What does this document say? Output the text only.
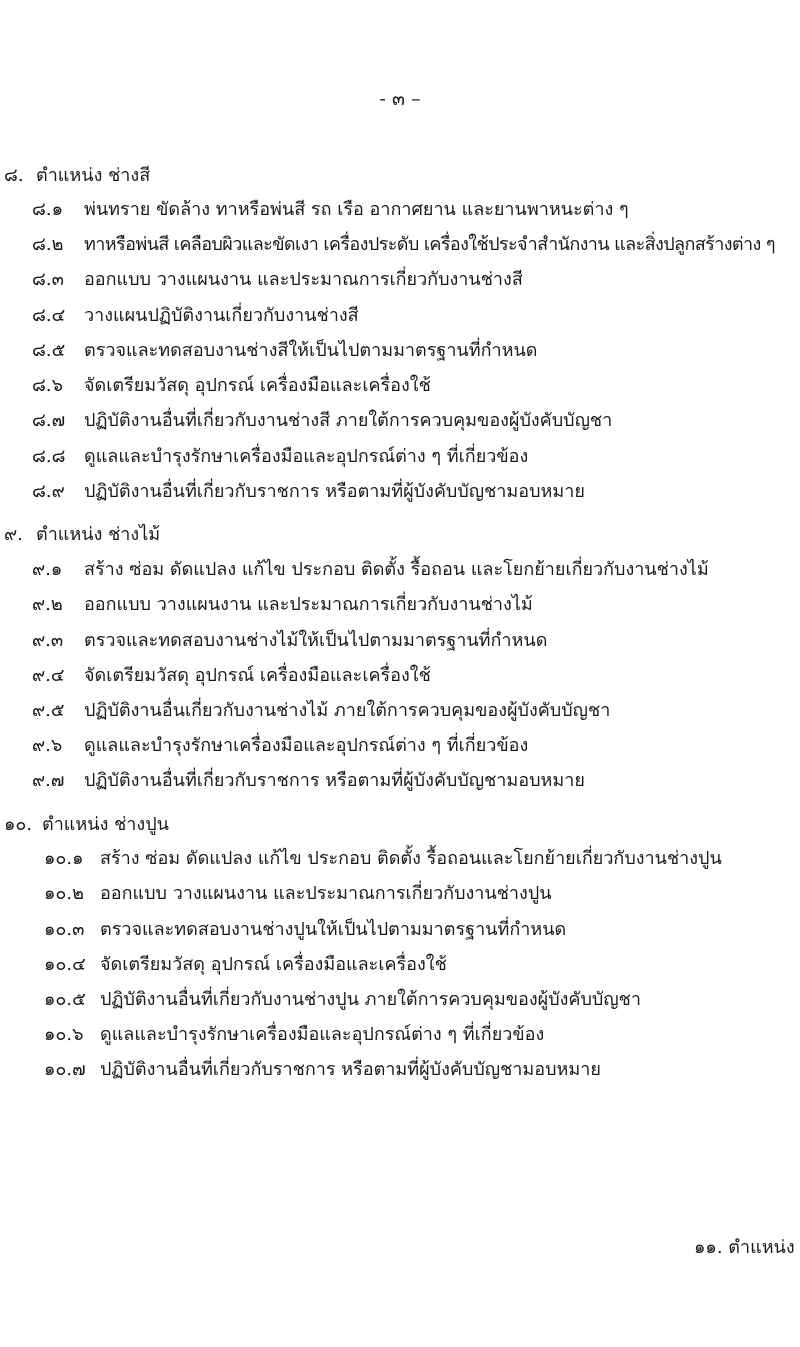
- ๓ –
๘. ตำแหน่ง ช่างสี
๘.๑ พ่นทราย ขัดล้าง ทาหรือพ่นสี รถ เรือ อากาศยาน และยานพาหนะต่าง ๆ
๘.๒ ทาหรือพ่นสี เคลือบผิวและขัดเงา เครื่องประดับ เครื่องใช้ประจำสำนักงาน และสิ่งปลูกสร้างต่าง ๆ
๘.๓ ออกแบบ วางแผนงาน และประมาณการเกี่ยวกับงานช่างสี
๘.๔ วางแผนปฏิบัติงานเกี่ยวกับงานช่างสี
๘.๕ ตรวจและทดสอบงานช่างสีให้เป็นไปตามมาตรฐานที่กำหนด
๘.๖ จัดเตรียมวัสดุ อุปกรณ์ เครื่องมือและเครื่องใช้
๘.๗ ปฏิบัติงานอื่นที่เกี่ยวกับงานช่างสี ภายใต้การควบคุมของผู้บังคับบัญชา
๘.๘ ดูแลและบำรุงรักษาเครื่องมือและอุปกรณ์ต่าง ๆ ที่เกี่ยวข้อง
๘.๙ ปฏิบัติงานอื่นที่เกี่ยวกับราชการ หรือตามที่ผู้บังคับบัญชามอบหมาย
๙. ตำแหน่ง ช่างไม้
๙.๑ สร้าง ซ่อม ดัดแปลง แก้ไข ประกอบ ติดตั้ง รื้อถอน และโยกย้ายเกี่ยวกับงานช่างไม้
๙.๒ ออกแบบ วางแผนงาน และประมาณการเกี่ยวกับงานช่างไม้
๙.๓ ตรวจและทดสอบงานช่างไม้ให้เป็นไปตามมาตรฐานที่กำหนด
๙.๔ จัดเตรียมวัสดุ อุปกรณ์ เครื่องมือและเครื่องใช้
๙.๕ ปฏิบัติงานอื่นเกี่ยวกับงานช่างไม้ ภายใต้การควบคุมของผู้บังคับบัญชา
๙.๖ ดูแลและบำรุงรักษาเครื่องมือและอุปกรณ์ต่าง ๆ ที่เกี่ยวข้อง
๙.๗ ปฏิบัติงานอื่นที่เกี่ยวกับราชการ หรือตามที่ผู้บังคับบัญชามอบหมาย
๑๐. ตำแหน่ง ช่างปูน
๑๐.๑ สร้าง ซ่อม ดัดแปลง แก้ไข ประกอบ ติดตั้ง รื้อถอนและโยกย้ายเกี่ยวกับงานช่างปูน
๑๐.๒ ออกแบบ วางแผนงาน และประมาณการเกี่ยวกับงานช่างปูน
๑๐.๓ ตรวจและทดสอบงานช่างปูนให้เป็นไปตามมาตรฐานที่กำหนด
๑๐.๔ จัดเตรียมวัสดุ อุปกรณ์ เครื่องมือและเครื่องใช้
๑๐.๕ ปฏิบัติงานอื่นที่เกี่ยวกับงานช่างปูน ภายใต้การควบคุมของผู้บังคับบัญชา
๑๐.๖ ดูแลและบำรุงรักษาเครื่องมือและอุปกรณ์ต่าง ๆ ที่เกี่ยวข้อง
๑๐.๗ ปฏิบัติงานอื่นที่เกี่ยวกับราชการ หรือตามที่ผู้บังคับบัญชามอบหมาย
๑๑. ตำแหน่ง
